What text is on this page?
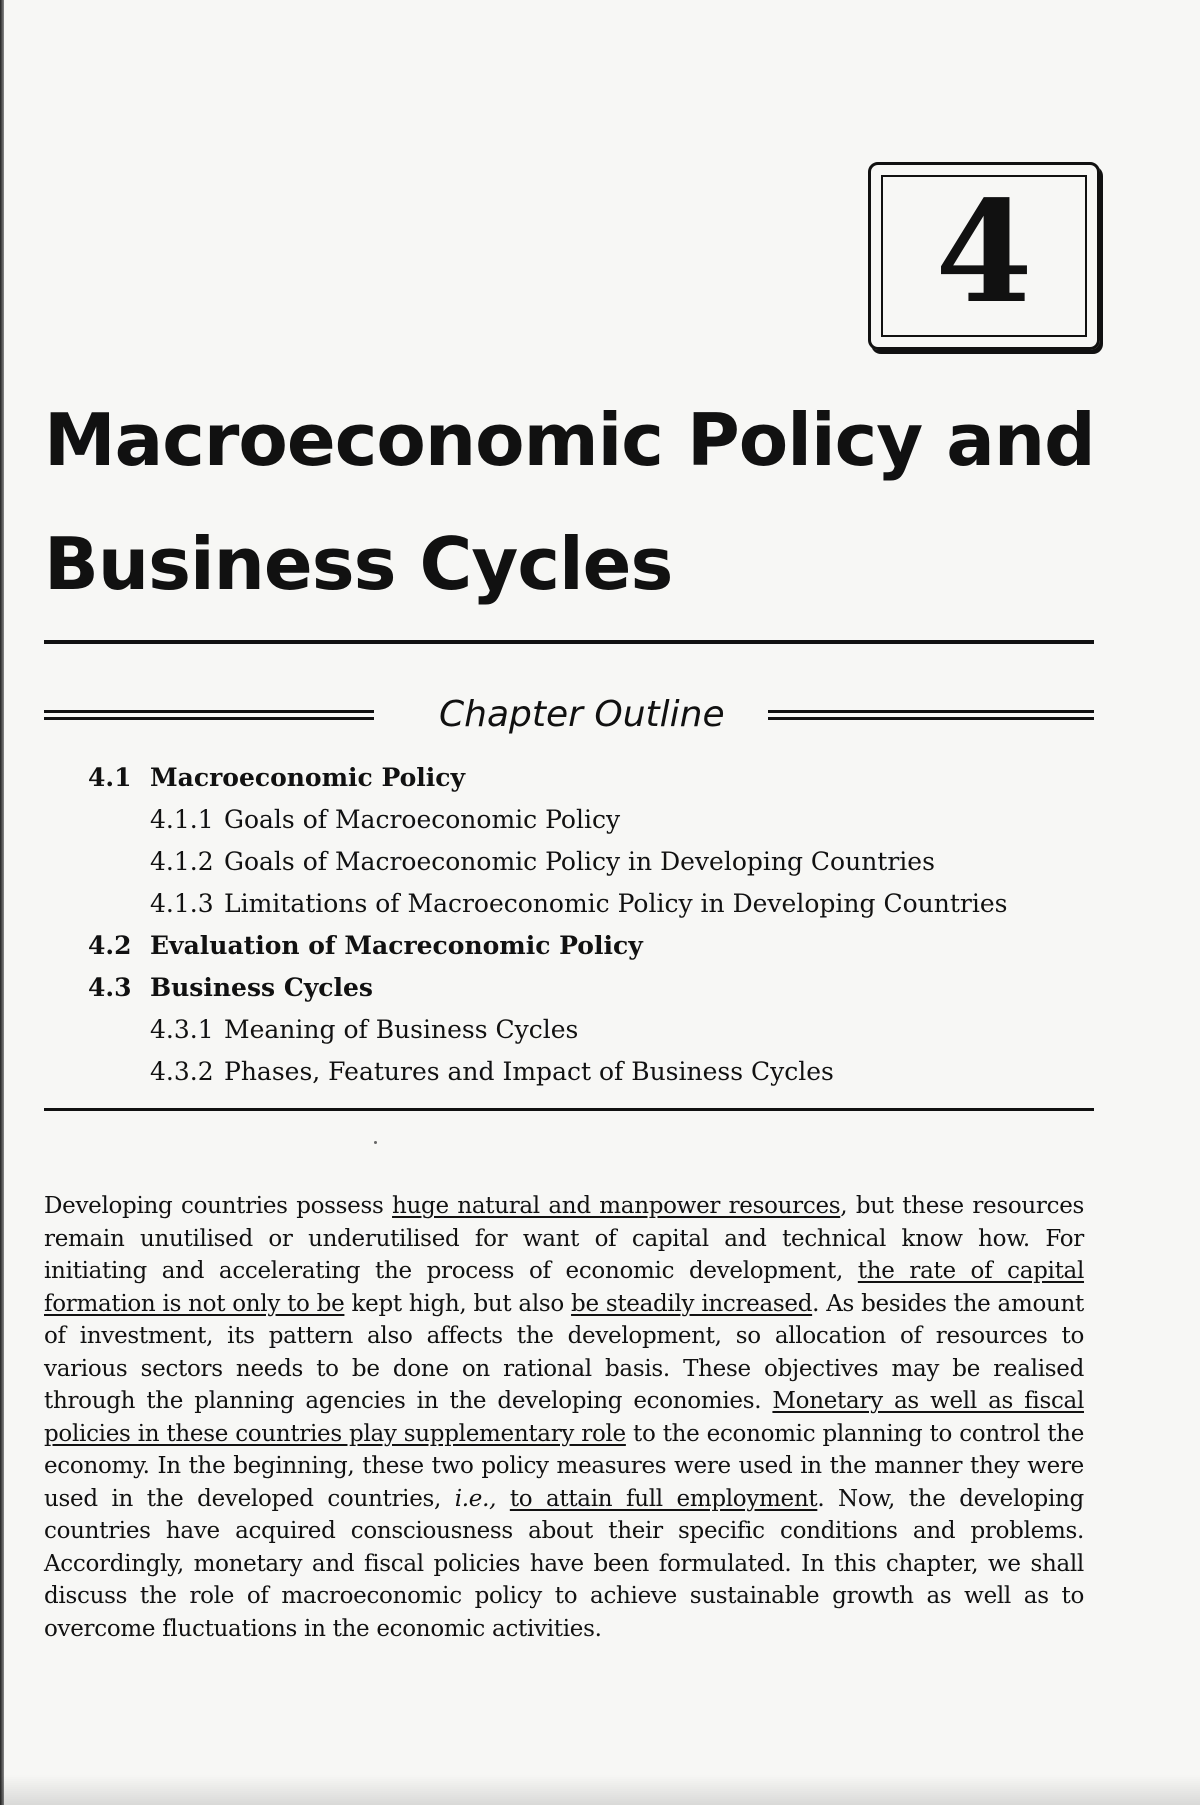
4
Macroeconomic Policy and
Business Cycles
Chapter Outline
4.1 Macroeconomic Policy
4.1.1 Goals of Macroeconomic Policy
4.1.2 Goals of Macroeconomic Policy in Developing Countries
4.1.3 Limitations of Macroeconomic Policy in Developing Countries
4.2 Evaluation of Macreconomic Policy
4.3 Business Cycles
4.3.1 Meaning of Business Cycles
4.3.2 Phases, Features and Impact of Business Cycles

Developing countries possess huge natural and manpower resources, but these resources remain unutilised or underutilised for want of capital and technical know how. For initiating and accelerating the process of economic development, the rate of capital formation is not only to be kept high, but also be steadily increased. As besides the amount of investment, its pattern also affects the development, so allocation of resources to various sectors needs to be done on rational basis. These objectives may be realised through the planning agencies in the developing economies. Monetary as well as fiscal policies in these countries play supplementary role to the economic planning to control the economy. In the beginning, these two policy measures were used in the manner they were used in the developed countries, i.e., to attain full employment. Now, the developing countries have acquired consciousness about their specific conditions and problems. Accordingly, monetary and fiscal policies have been formulated. In this chapter, we shall discuss the role of macroeconomic policy to achieve sustainable growth as well as to overcome fluctuations in the economic activities.
